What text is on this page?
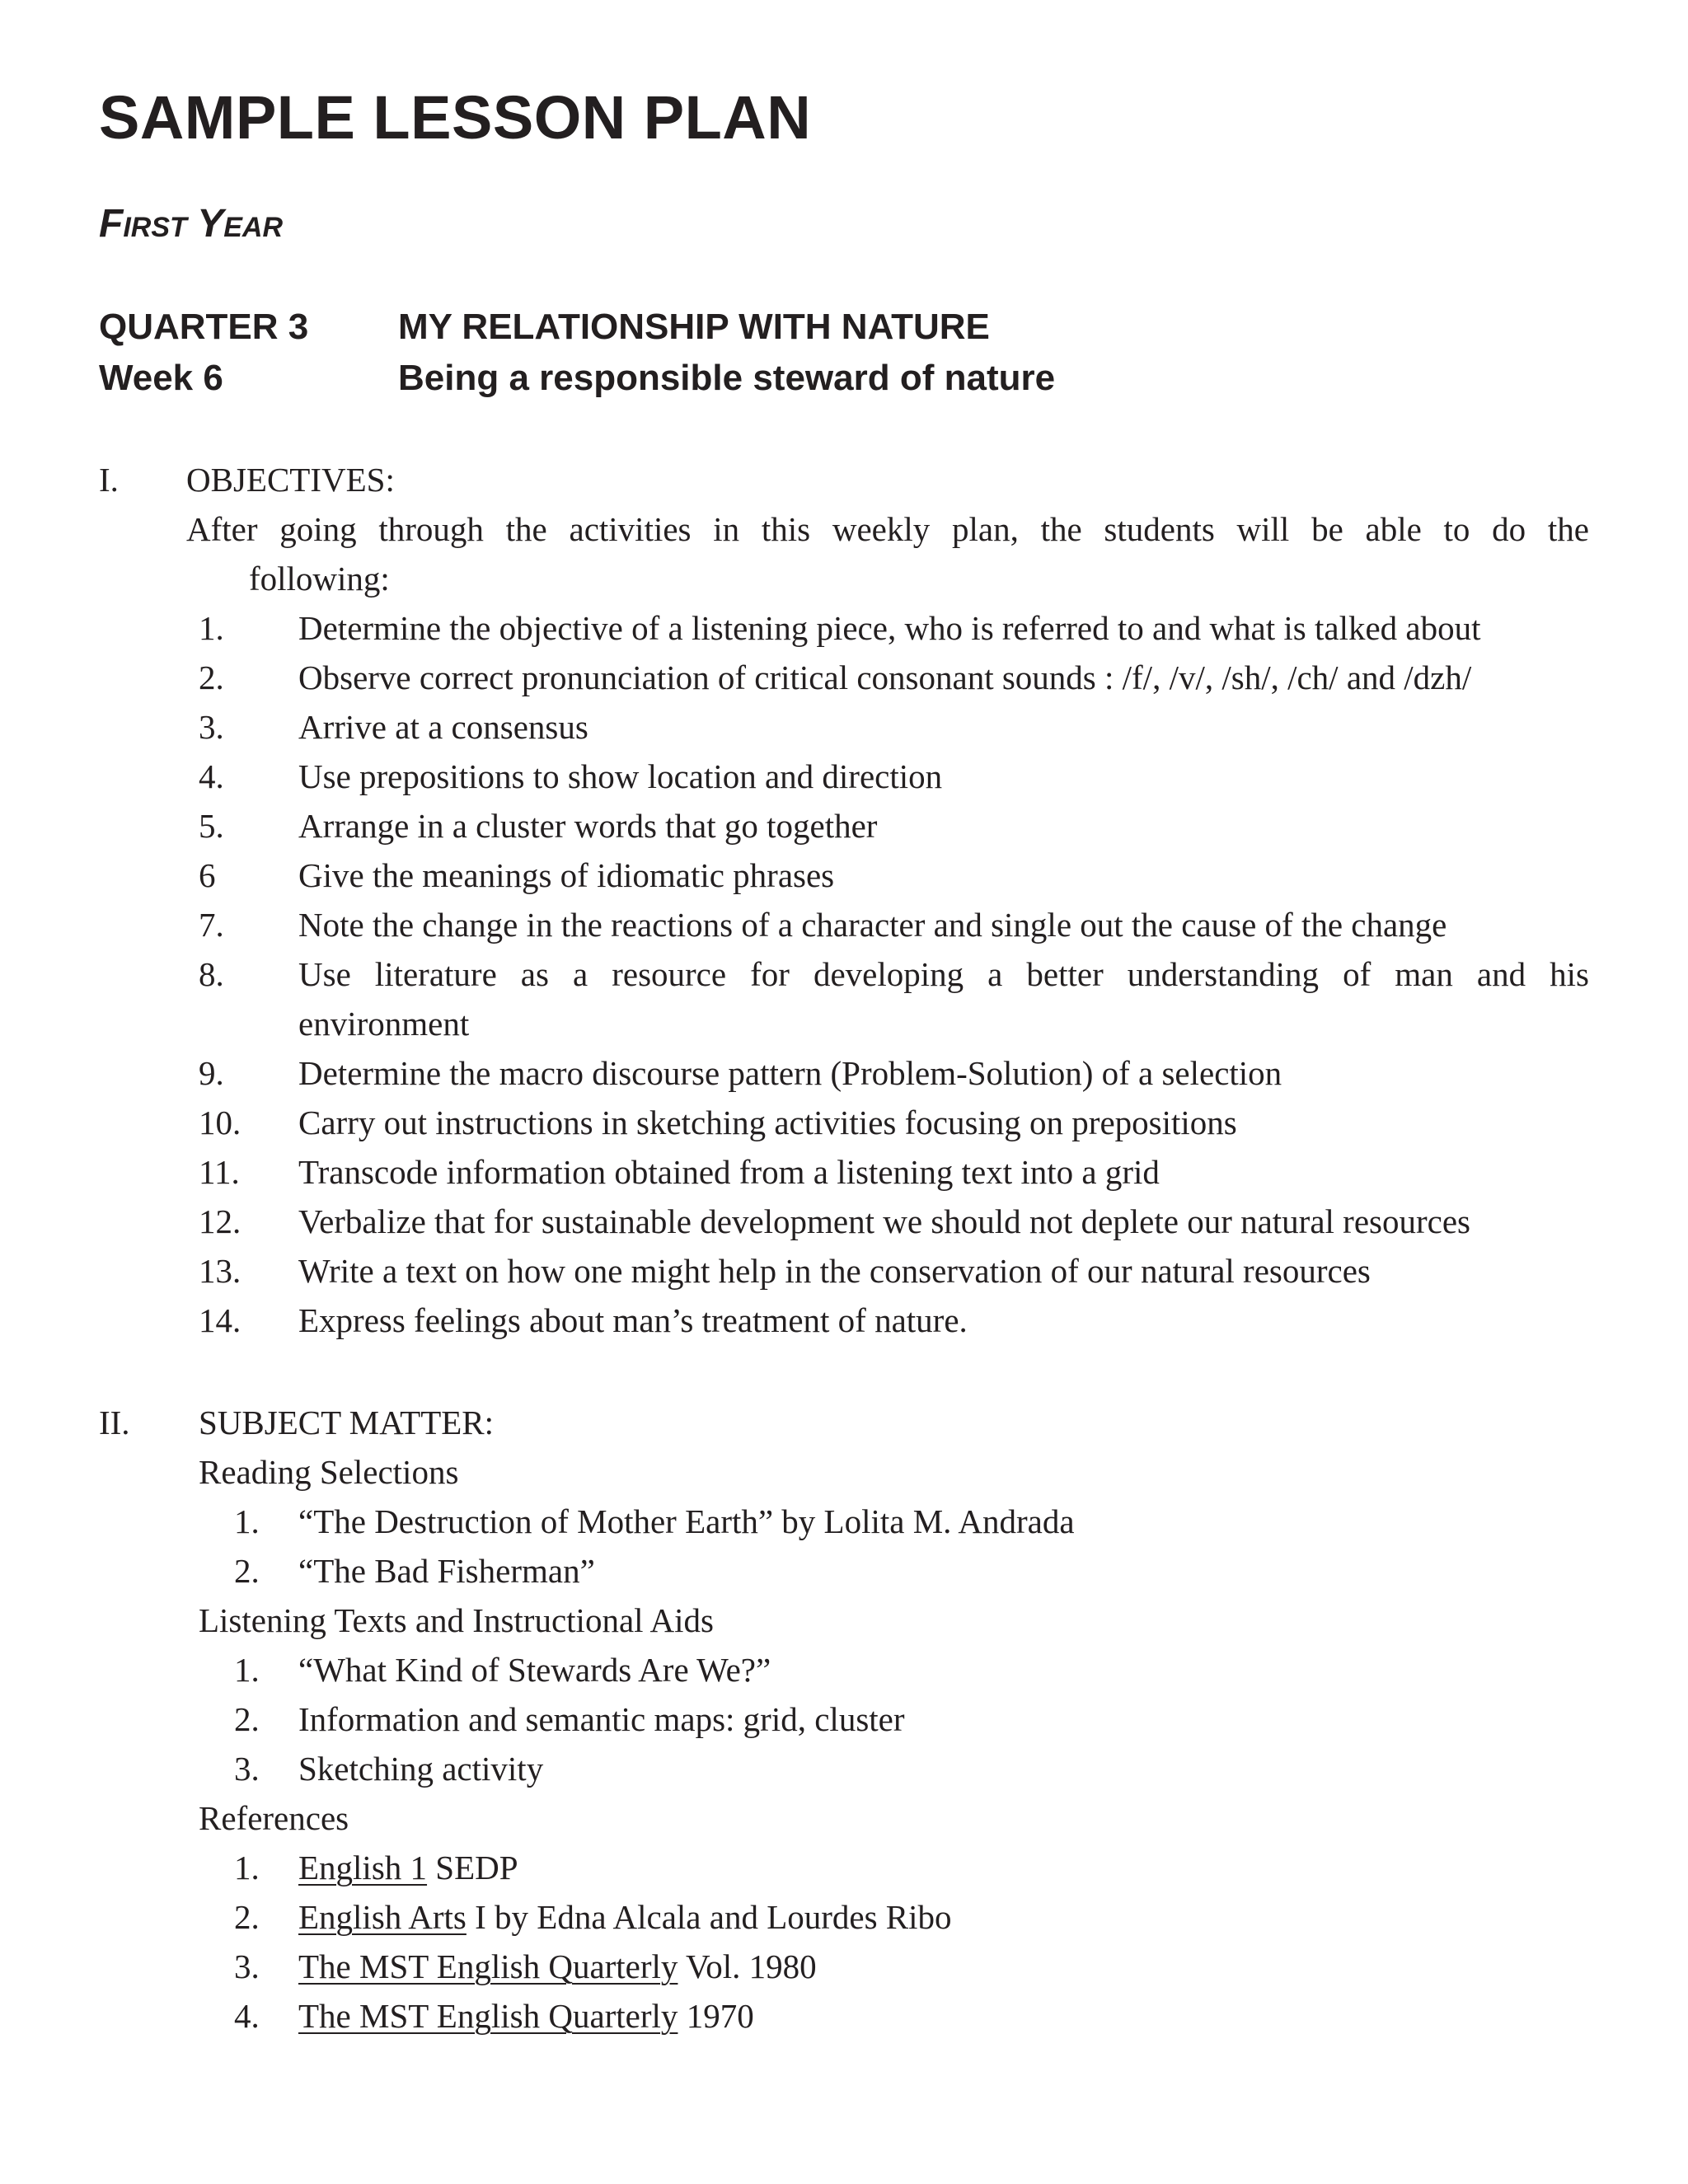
SAMPLE LESSON PLAN
First Year
QUARTER 3 MY RELATIONSHIP WITH NATURE
Week 6	Being a responsible steward of nature
I. OBJECTIVES:
After going through the activities in this weekly plan, the students will be able to do the
following:
1. Determine the objective of a listening piece, who is referred to and what is talked about
2. Observe correct pronunciation of critical consonant sounds : /f/, /v/, /sh/, /ch/ and /dzh/
3. Arrive at a consensus
4. Use prepositions to show location and direction
5. Arrange in a cluster words that go together
6 Give the meanings of idiomatic phrases
7. Note the change in the reactions of a character and single out the cause of the change
8. Use literature as a resource for developing a better understanding of man and his
environment
9. Determine the macro discourse pattern (Problem-Solution) of a selection
10. Carry out instructions in sketching activities focusing on prepositions
11. Transcode information obtained from a listening text into a grid
12. Verbalize that for sustainable development we should not deplete our natural resources
13. Write a text on how one might help in the conservation of our natural resources
14. Express feelings about man’s treatment of nature.
II. SUBJECT MATTER:
Reading Selections
1. “The Destruction of Mother Earth” by Lolita M. Andrada
2. “The Bad Fisherman”
Listening Texts and Instructional Aids
1. “What Kind of Stewards Are We?”
2. Information and semantic maps: grid, cluster
3. Sketching activity
References
1. English 1 SEDP
2. English Arts I by Edna Alcala and Lourdes Ribo
3. The MST English Quarterly Vol. 1980
4. The MST English Quarterly 1970
